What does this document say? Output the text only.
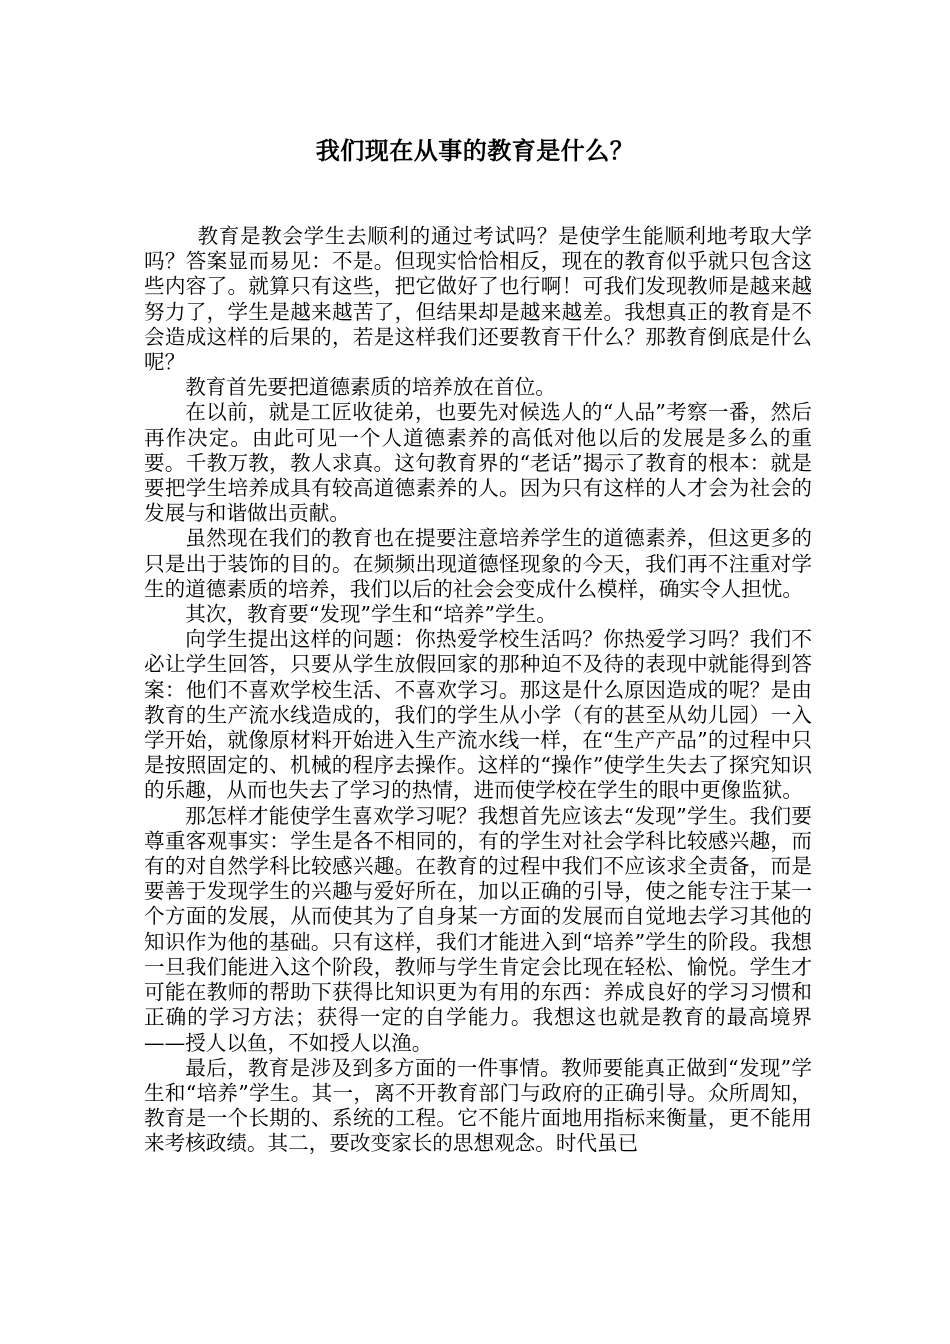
我们现在从事的教育是什么？

教育是教会学生去顺利的通过考试吗？是使学生能顺利地考取大学吗？答案显而易见：不是。但现实恰恰相反，现在的教育似乎就只包含这些内容了。就算只有这些，把它做好了也行啊！可我们发现教师是越来越努力了，学生是越来越苦了，但结果却是越来越差。我想真正的教育是不会造成这样的后果的，若是这样我们还要教育干什么？那教育倒底是什么呢？

教育首先要把道德素质的培养放在首位。

在以前，就是工匠收徒弟，也要先对候选人的“人品”考察一番，然后再作决定。由此可见一个人道德素养的高低对他以后的发展是多么的重要。千教万教，教人求真。这句教育界的“老话”揭示了教育的根本：就是要把学生培养成具有较高道德素养的人。因为只有这样的人才会为社会的发展与和谐做出贡献。

虽然现在我们的教育也在提要注意培养学生的道德素养，但这更多的只是出于装饰的目的。在频频出现道德怪现象的今天，我们再不注重对学生的道德素质的培养，我们以后的社会会变成什么模样，确实令人担忧。

其次，教育要“发现”学生和“培养”学生。

向学生提出这样的问题：你热爱学校生活吗？你热爱学习吗？我们不必让学生回答，只要从学生放假回家的那种迫不及待的表现中就能得到答案：他们不喜欢学校生活、不喜欢学习。那这是什么原因造成的呢？是由教育的生产流水线造成的，我们的学生从小学（有的甚至从幼儿园）一入学开始，就像原材料开始进入生产流水线一样，在“生产产品”的过程中只是按照固定的、机械的程序去操作。这样的“操作”使学生失去了探究知识的乐趣，从而也失去了学习的热情，进而使学校在学生的眼中更像监狱。

那怎样才能使学生喜欢学习呢？我想首先应该去“发现”学生。我们要尊重客观事实：学生是各不相同的，有的学生对社会学科比较感兴趣，而有的对自然学科比较感兴趣。在教育的过程中我们不应该求全责备，而是要善于发现学生的兴趣与爱好所在，加以正确的引导，使之能专注于某一个方面的发展，从而使其为了自身某一方面的发展而自觉地去学习其他的知识作为他的基础。只有这样，我们才能进入到“培养”学生的阶段。我想一旦我们能进入这个阶段，教师与学生肯定会比现在轻松、愉悦。学生才可能在教师的帮助下获得比知识更为有用的东西：养成良好的学习习惯和正确的学习方法；获得一定的自学能力。我想这也就是教育的最高境界——授人以鱼，不如授人以渔。

最后，教育是涉及到多方面的一件事情。教师要能真正做到“发现”学生和“培养”学生。其一，离不开教育部门与政府的正确引导。众所周知，教育是一个长期的、系统的工程。它不能片面地用指标来衡量，更不能用来考核政绩。其二，要改变家长的思想观念。时代虽已
